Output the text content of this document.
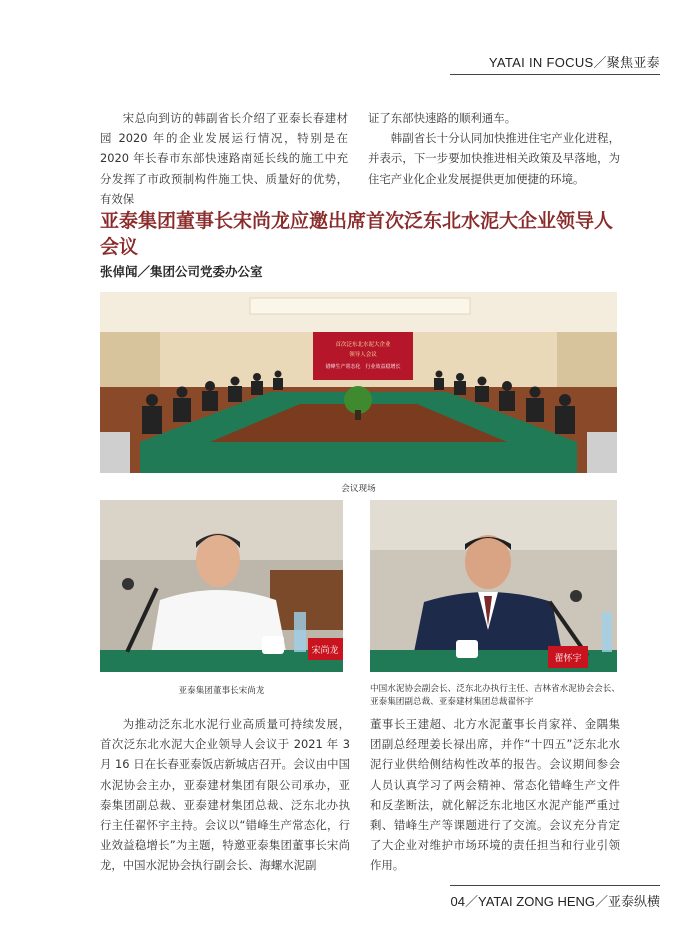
YATAI IN FOCUS／聚焦亚泰

宋总向到访的韩副省长介绍了亚泰长春建材园 2020 年的企业发展运行情况，特别是在 2020 年长春市东部快速路南延长线的施工中充分发挥了市政预制构件施工快、质量好的优势，有效保

证了东部快速路的顺利通车。

韩副省长十分认同加快推进住宅产业化进程，并表示，下一步要加快推进相关政策及早落地，为住宅产业化企业发展提供更加便捷的环境。

亚泰集团董事长宋尚龙应邀出席首次泛东北水泥大企业领导人会议
张倬闻／集团公司党委办公室
首次泛东北水泥大企业
领导人会议
错峰生产常态化　行业效益稳增长
会议现场
宋尚龙
亚泰集团董事长宋尚龙
翟怀宇
中国水泥协会副会长、泛东北办执行主任、吉林省水泥协会会长、亚泰集团副总裁、亚泰建材集团总裁翟怀宇

为推动泛东北水泥行业高质量可持续发展，首次泛东北水泥大企业领导人会议于 2021 年 3 月 16 日在长春亚泰饭店新城店召开。会议由中国水泥协会主办，亚泰建材集团有限公司承办，亚泰集团副总裁、亚泰建材集团总裁、泛东北办执行主任翟怀宇主持。会议以“错峰生产常态化，行业效益稳增长”为主题，特邀亚泰集团董事长宋尚龙，中国水泥协会执行副会长、海螺水泥副

董事长王建超、北方水泥董事长肖家祥、金隅集团副总经理姜长禄出席，并作“十四五”泛东北水泥行业供给侧结构性改革的报告。会议期间参会人员认真学习了两会精神、常态化错峰生产文件和反垄断法，就化解泛东北地区水泥产能严重过剩、错峰生产等课题进行了交流。会议充分肯定了大企业对维护市场环境的责任担当和行业引领作用。

04／YATAI ZONG HENG／亚泰纵横
